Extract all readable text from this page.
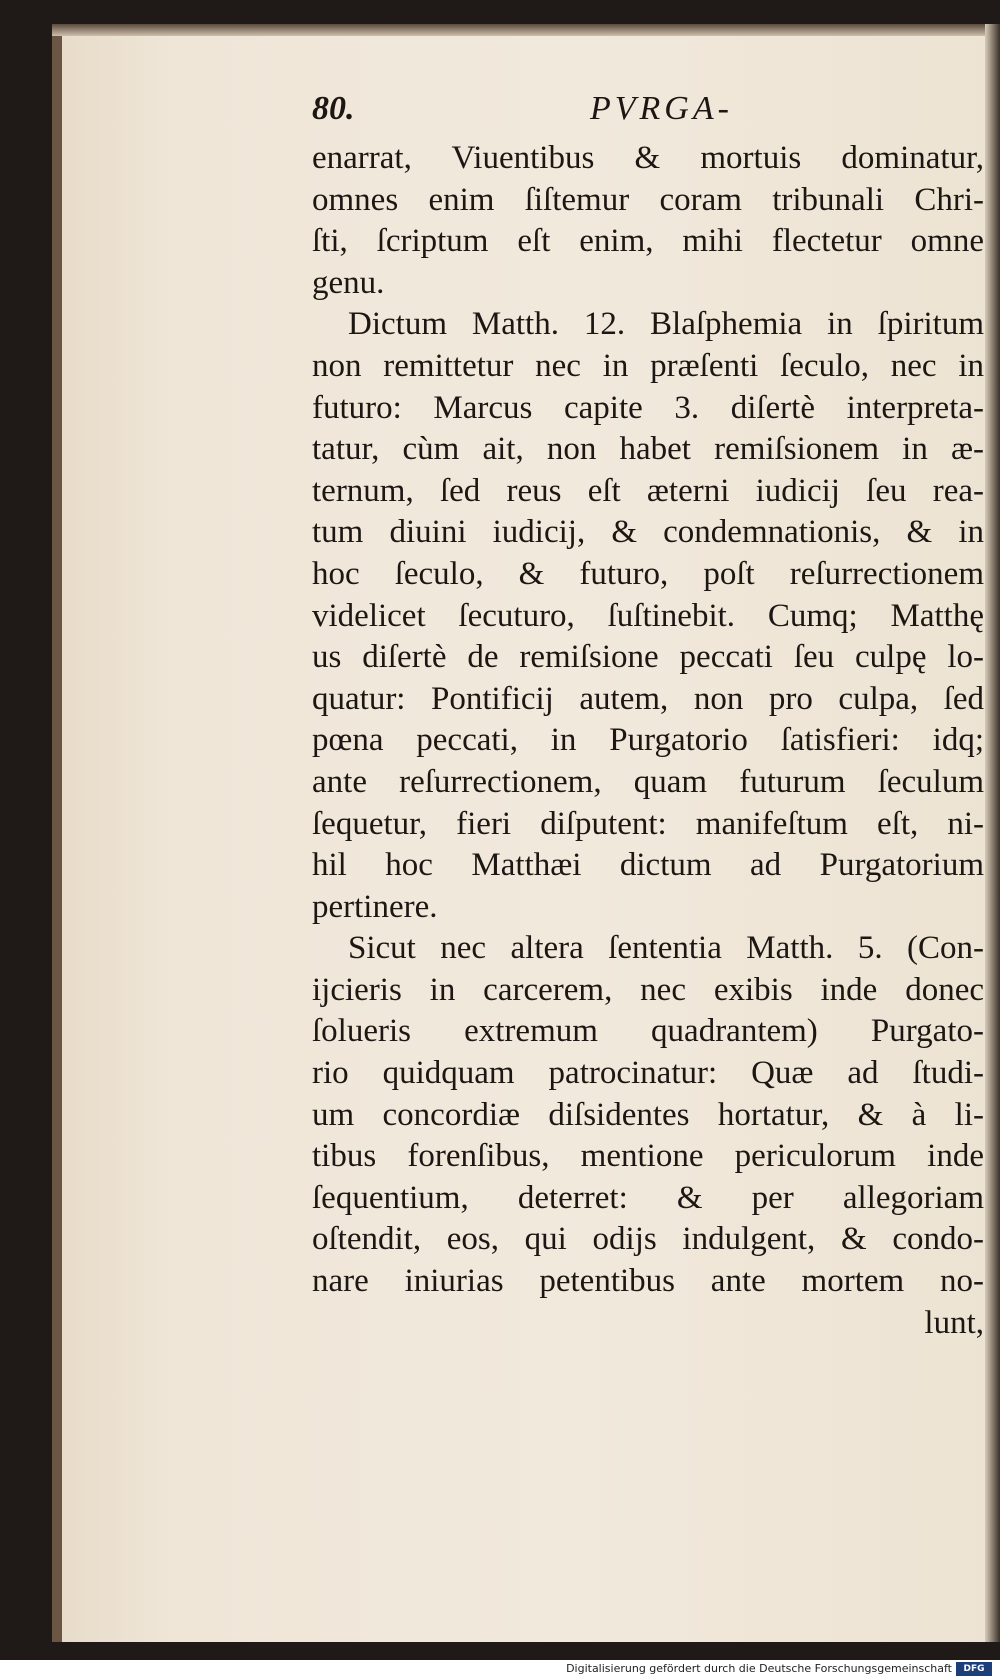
80.	PVRGA-
enarrat, Viuentibus & mortuis dominatur,
omnes enim ſiſtemur coram tribunali Chri-
ſti, ſcriptum eſt enim, mihi flectetur omne
genu.
Dictum Matth. 12. Blaſphemia in ſpiritum
non remittetur nec in præſenti ſeculo, nec in
futuro: Marcus capite 3. diſertè interpreta-
tatur, cùm ait, non habet remiſsionem in æ-
ternum, ſed reus eſt æterni iudicij ſeu rea-
tum diuini iudicij, & condemnationis, & in
hoc ſeculo, & futuro, poſt reſurrectionem
videlicet ſecuturo, ſuſtinebit. Cumq; Matthę
us diſertè de remiſsione peccati ſeu culpę lo-
quatur: Pontificij autem, non pro culpa, ſed
pœna peccati, in Purgatorio ſatisfieri: idq;
ante reſurrectionem, quam futurum ſeculum
ſequetur, fieri diſputent: manifeſtum eſt, ni-
hil hoc Matthæi dictum ad Purgatorium
pertinere.
Sicut nec altera ſententia Matth. 5. (Con-
ijcieris in carcerem, nec exibis inde donec
ſolueris extremum quadrantem) Purgato-
rio quidquam patrocinatur: Quæ ad ſtudi-
um concordiæ diſsidentes hortatur, & à li-
tibus forenſibus, mentione periculorum inde
ſequentium, deterret: & per allegoriam
oſtendit, eos, qui odijs indulgent, & condo-
nare iniurias petentibus ante mortem no-
lunt,
Digitalisierung gefördert durch die Deutsche Forschungsgemeinschaft	DFG
